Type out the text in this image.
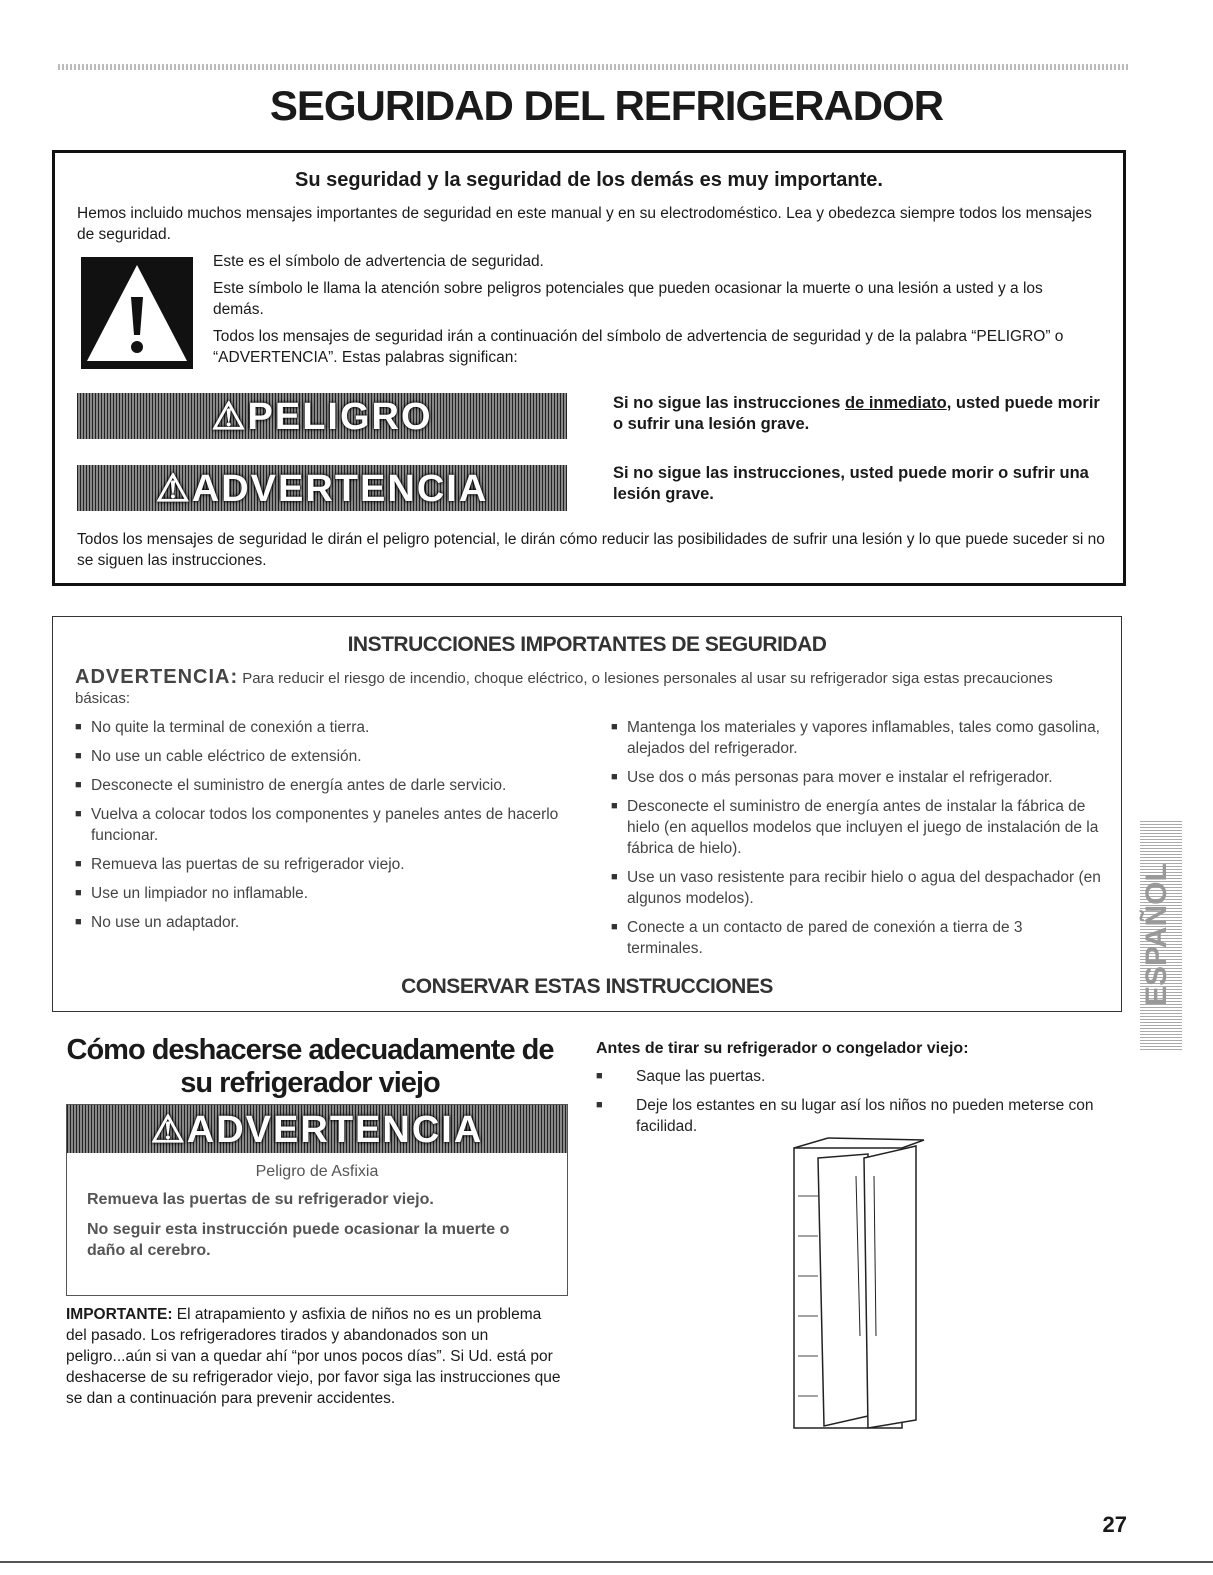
SEGURIDAD DEL REFRIGERADOR
Su seguridad y la seguridad de los demás es muy importante.
Hemos incluido muchos mensajes importantes de seguridad en este manual y en su electrodoméstico. Lea y obedezca siempre todos los mensajes de seguridad.
Este es el símbolo de advertencia de seguridad.
Este símbolo le llama la atención sobre peligros potenciales que pueden ocasionar la muerte o una lesión a usted y a los demás.
Todos los mensajes de seguridad irán a continuación del símbolo de advertencia de seguridad y de la palabra “PELIGRO” o “ADVERTENCIA”. Estas palabras significan:
⚠PELIGRO	Si no sigue las instrucciones de inmediato, usted puede morir o sufrir una lesión grave.
⚠ADVERTENCIA	Si no sigue las instrucciones, usted puede morir o sufrir una lesión grave.
Todos los mensajes de seguridad le dirán el peligro potencial, le dirán cómo reducir las posibilidades de sufrir una lesión y lo que puede suceder si no se siguen las instrucciones.
INSTRUCCIONES IMPORTANTES DE SEGURIDAD
ADVERTENCIA: Para reducir el riesgo de incendio, choque eléctrico, o lesiones personales al usar su refrigerador siga estas precauciones básicas:
■ No quite la terminal de conexión a tierra.
■ No use un cable eléctrico de extensión.
■ Desconecte el suministro de energía antes de darle servicio.
■ Vuelva a colocar todos los componentes y paneles antes de hacerlo funcionar.
■ Remueva las puertas de su refrigerador viejo.
■ Use un limpiador no inflamable.
■ No use un adaptador.
■ Mantenga los materiales y vapores inflamables, tales como gasolina, alejados del refrigerador.
■ Use dos o más personas para mover e instalar el refrigerador.
■ Desconecte el suministro de energía antes de instalar la fábrica de hielo (en aquellos modelos que incluyen el juego de instalación de la fábrica de hielo).
■ Use un vaso resistente para recibir hielo o agua del despachador (en algunos modelos).
■ Conecte a un contacto de pared de conexión a tierra de 3 terminales.
CONSERVAR ESTAS INSTRUCCIONES
Cómo deshacerse adecuadamente de su refrigerador viejo
⚠ADVERTENCIA
Peligro de Asfixia
Remueva las puertas de su refrigerador viejo.
No seguir esta instrucción puede ocasionar la muerte o daño al cerebro.
IMPORTANTE: El atrapamiento y asfixia de niños no es un problema del pasado. Los refrigeradores tirados y abandonados son un peligro...aún si van a quedar ahí “por unos pocos días”. Si Ud. está por deshacerse de su refrigerador viejo, por favor siga las instrucciones que se dan a continuación para prevenir accidentes.
Antes de tirar su refrigerador o congelador viejo:
■ Saque las puertas.
■ Deje los estantes en su lugar así los niños no pueden meterse con facilidad.
ESPAÑOL
27
